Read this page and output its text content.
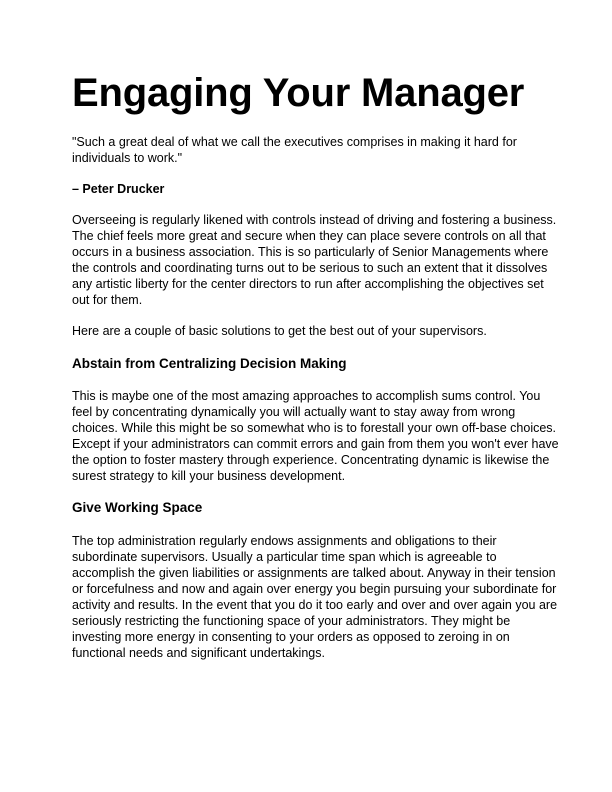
Engaging Your Manager
"Such a great deal of what we call the executives comprises in making it hard for
individuals to work."
– Peter Drucker
Overseeing is regularly likened with controls instead of driving and fostering a business.
The chief feels more great and secure when they can place severe controls on all that
occurs in a business association. This is so particularly of Senior Managements where
the controls and coordinating turns out to be serious to such an extent that it dissolves
any artistic liberty for the center directors to run after accomplishing the objectives set
out for them.
Here are a couple of basic solutions to get the best out of your supervisors.
Abstain from Centralizing Decision Making
This is maybe one of the most amazing approaches to accomplish sums control. You
feel by concentrating dynamically you will actually want to stay away from wrong
choices. While this might be so somewhat who is to forestall your own off-base choices.
Except if your administrators can commit errors and gain from them you won't ever have
the option to foster mastery through experience. Concentrating dynamic is likewise the
surest strategy to kill your business development.
Give Working Space
The top administration regularly endows assignments and obligations to their
subordinate supervisors. Usually a particular time span which is agreeable to
accomplish the given liabilities or assignments are talked about. Anyway in their tension
or forcefulness and now and again over energy you begin pursuing your subordinate for
activity and results. In the event that you do it too early and over and over again you are
seriously restricting the functioning space of your administrators. They might be
investing more energy in consenting to your orders as opposed to zeroing in on
functional needs and significant undertakings.
